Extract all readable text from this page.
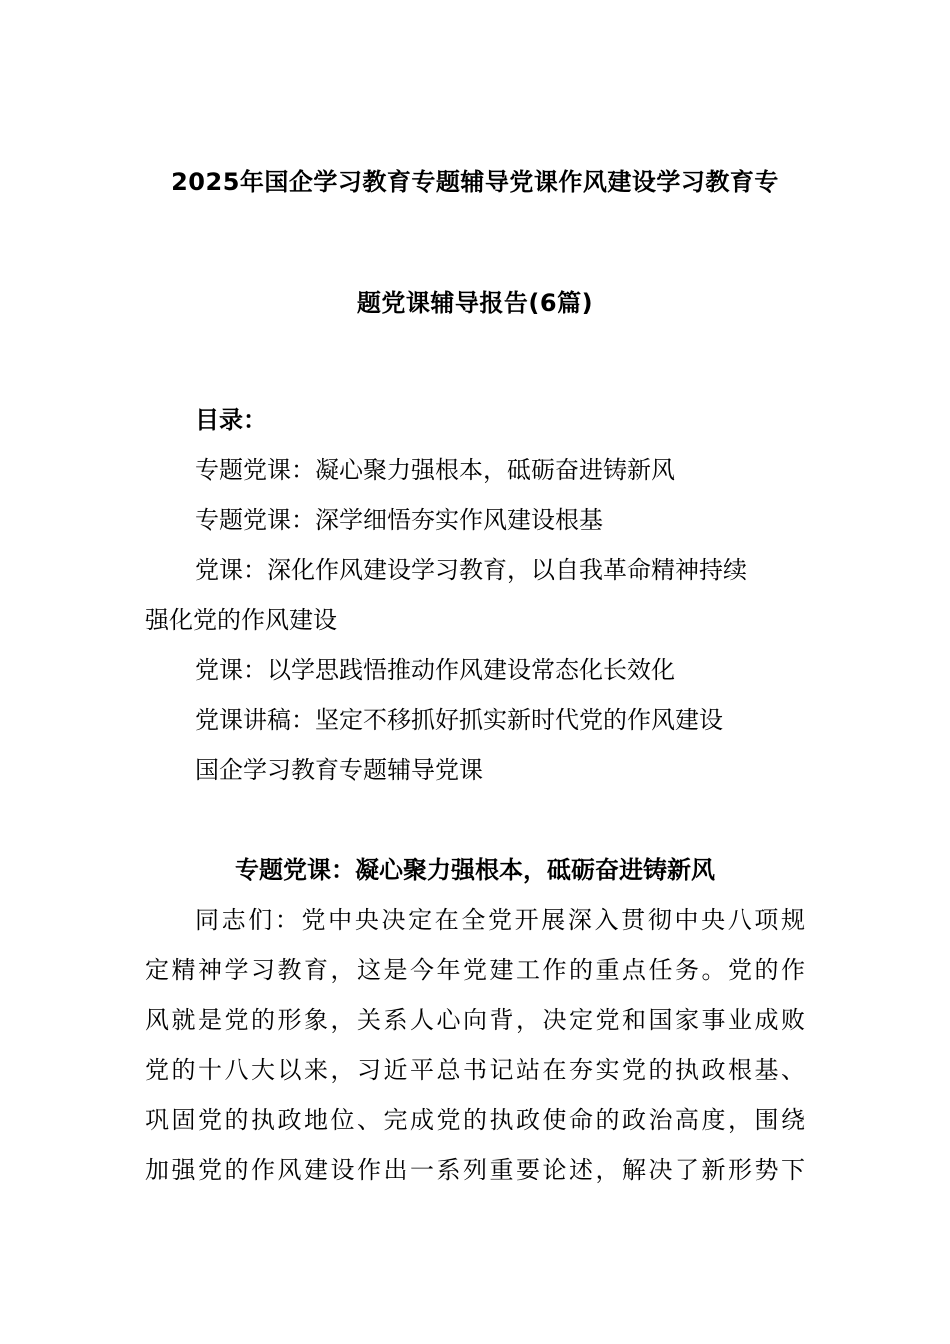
2025年国企学习教育专题辅导党课作风建设学习教育专
题党课辅导报告(6篇)
目录：
专题党课：凝心聚力强根本，砥砺奋进铸新风
专题党课：深学细悟夯实作风建设根基
党课：深化作风建设学习教育，以自我革命精神持续
强化党的作风建设
党课：以学思践悟推动作风建设常态化长效化
党课讲稿：坚定不移抓好抓实新时代党的作风建设
国企学习教育专题辅导党课
专题党课：凝心聚力强根本，砥砺奋进铸新风
同志们：党中央决定在全党开展深入贯彻中央八项规
定精神学习教育，这是今年党建工作的重点任务。党的作
风就是党的形象，关系人心向背，决定党和国家事业成败
党的十八大以来，习近平总书记站在夯实党的执政根基、
巩固党的执政地位、完成党的执政使命的政治高度，围绕
加强党的作风建设作出一系列重要论述，解决了新形势下
